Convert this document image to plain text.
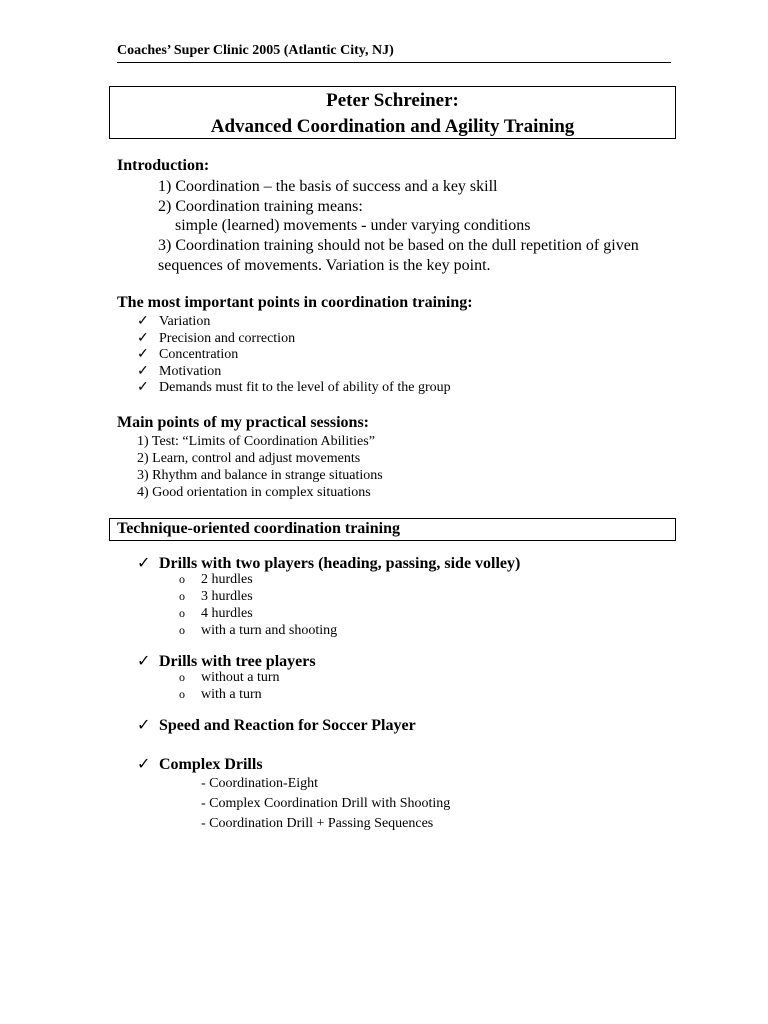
Coaches’ Super Clinic 2005 (Atlantic City, NJ)
Peter Schreiner:
Advanced Coordination and Agility Training
Introduction:
1) Coordination – the basis of success and a key skill
2) Coordination training means:
simple (learned) movements - under varying conditions
3) Coordination training should not be based on the dull repetition of given
sequences of movements. Variation is the key point.
The most important points in coordination training:
✓ Variation
✓ Precision and correction
✓ Concentration
✓ Motivation
✓ Demands must fit to the level of ability of the group
Main points of my practical sessions:
1) Test: “Limits of Coordination Abilities”
2) Learn, control and adjust movements
3) Rhythm and balance in strange situations
4) Good orientation in complex situations
Technique-oriented coordination training
✓ Drills with two players (heading, passing, side volley)
o 2 hurdles
o 3 hurdles
o 4 hurdles
o with a turn and shooting
✓ Drills with tree players
o without a turn
o with a turn
✓ Speed and Reaction for Soccer Player
✓ Complex Drills
- Coordination-Eight
- Complex Coordination Drill with Shooting
- Coordination Drill + Passing Sequences
